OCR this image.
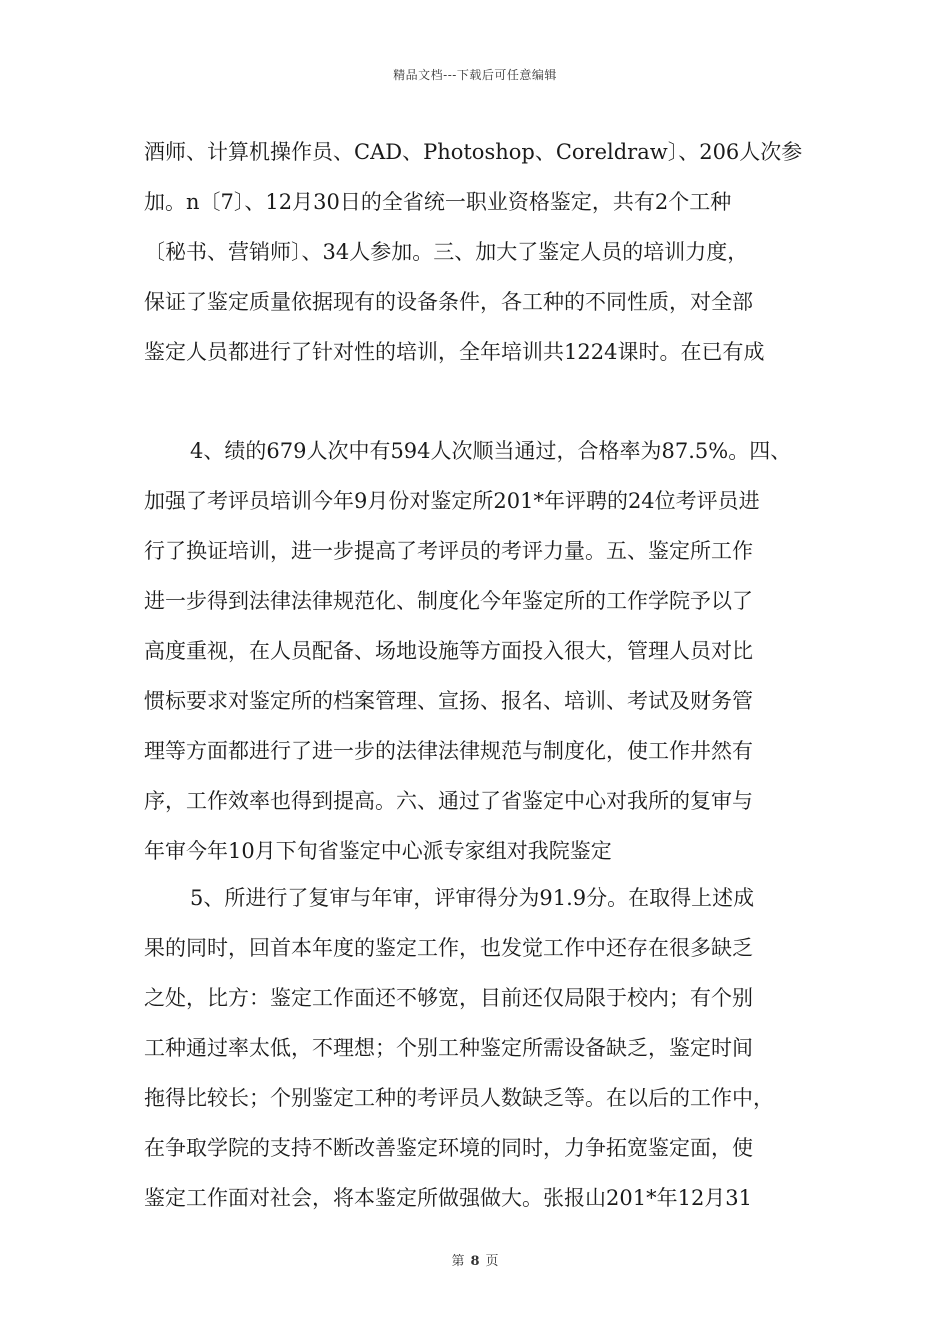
精品文档---下载后可任意编辑
酒师、计算机操作员、CAD、Photoshop、Coreldraw〕、206人次参
加。n〔7〕、12月30日的全省统一职业资格鉴定，共有2个工种
〔秘书、营销师〕、34人参加。三、加大了鉴定人员的培训力度，
保证了鉴定质量依据现有的设备条件，各工种的不同性质，对全部
鉴定人员都进行了针对性的培训，全年培训共1224课时。在已有成
4、绩的679人次中有594人次顺当通过，合格率为87.5%。四、
加强了考评员培训今年9月份对鉴定所201*年评聘的24位考评员进
行了换证培训，进一步提高了考评员的考评力量。五、鉴定所工作
进一步得到法律法律规范化、制度化今年鉴定所的工作学院予以了
高度重视，在人员配备、场地设施等方面投入很大，管理人员对比
惯标要求对鉴定所的档案管理、宣扬、报名、培训、考试及财务管
理等方面都进行了进一步的法律法律规范与制度化，使工作井然有
序，工作效率也得到提高。六、通过了省鉴定中心对我所的复审与
年审今年10月下旬省鉴定中心派专家组对我院鉴定
5、所进行了复审与年审，评审得分为91.9分。在取得上述成
果的同时，回首本年度的鉴定工作，也发觉工作中还存在很多缺乏
之处，比方：鉴定工作面还不够宽，目前还仅局限于校内；有个别
工种通过率太低，不理想；个别工种鉴定所需设备缺乏，鉴定时间
拖得比较长；个别鉴定工种的考评员人数缺乏等。在以后的工作中，
在争取学院的支持不断改善鉴定环境的同时，力争拓宽鉴定面，使
鉴定工作面对社会，将本鉴定所做强做大。张报山201*年12月31
第 8 页
